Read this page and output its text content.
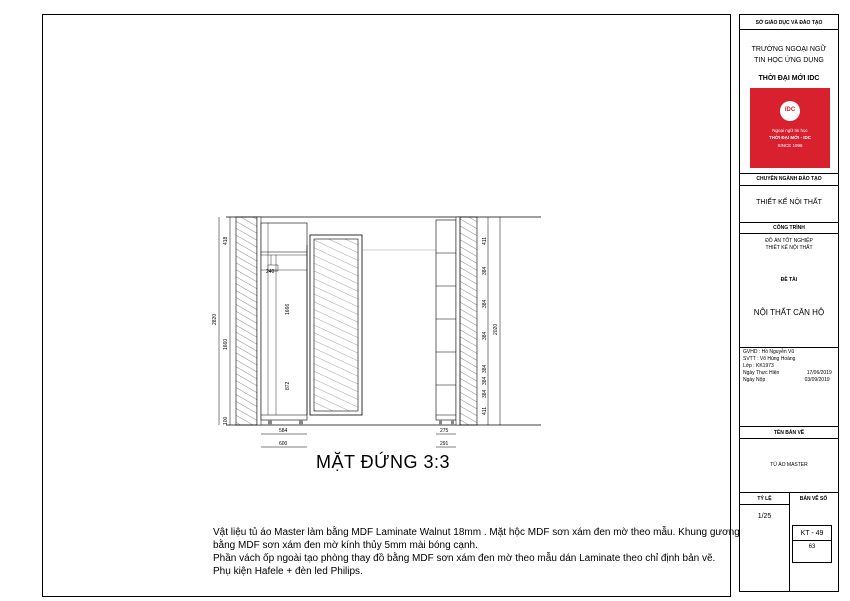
2820
1660
418
100
1666
872
240
584
600
2020
411
384
384
384
384
384
384
411
275
291
MẶT ĐỨNG 3:3
Vật liệu tủ áo Master làm bằng MDF Laminate Walnut 18mm . Mặt hộc MDF sơn xám đen mờ theo mẫu. Khung gương
bằng MDF sơn xám đen mờ kính thủy 5mm mài bóng cạnh.
Phần vách ốp ngoài tạo phòng thay đồ bằng MDF sơn xám đen mờ theo mẫu dán Laminate theo chỉ định bản vẽ.
Phụ kiện Hafele + đèn led Philips.
SỞ GIÁO DỤC VÀ ĐÀO TẠO
TRƯỜNG NGOẠI NGỮ
TIN HỌC ỨNG DỤNG
THỜI ĐẠI MỚI IDC
IDC
Ngoại ngữ tin học
THỜI ĐẠI MỚI - IDC
SINCE 1996
CHUYÊN NGÀNH ĐÀO TẠO
THIẾT KẾ NỘI THẤT
CÔNG TRÌNH
ĐỒ ÁN TỐT NGHIỆP
THIẾT KẾ NỘI THẤT
ĐỀ TÀI
NỘI THẤT CĂN HỘ
GVHD : Hồ Nguyễn Vũ
SVTT : Võ Hùng Hoàng
Lớp : KK1973
Ngày Thực Hiện	17/06/2019
Ngày Nộp	03/09/2019
TÊN BẢN VẼ
TỦ ÁO MASTER
TỶ LỆ	BẢN VẼ SỐ
1/25
KT - 49
63
